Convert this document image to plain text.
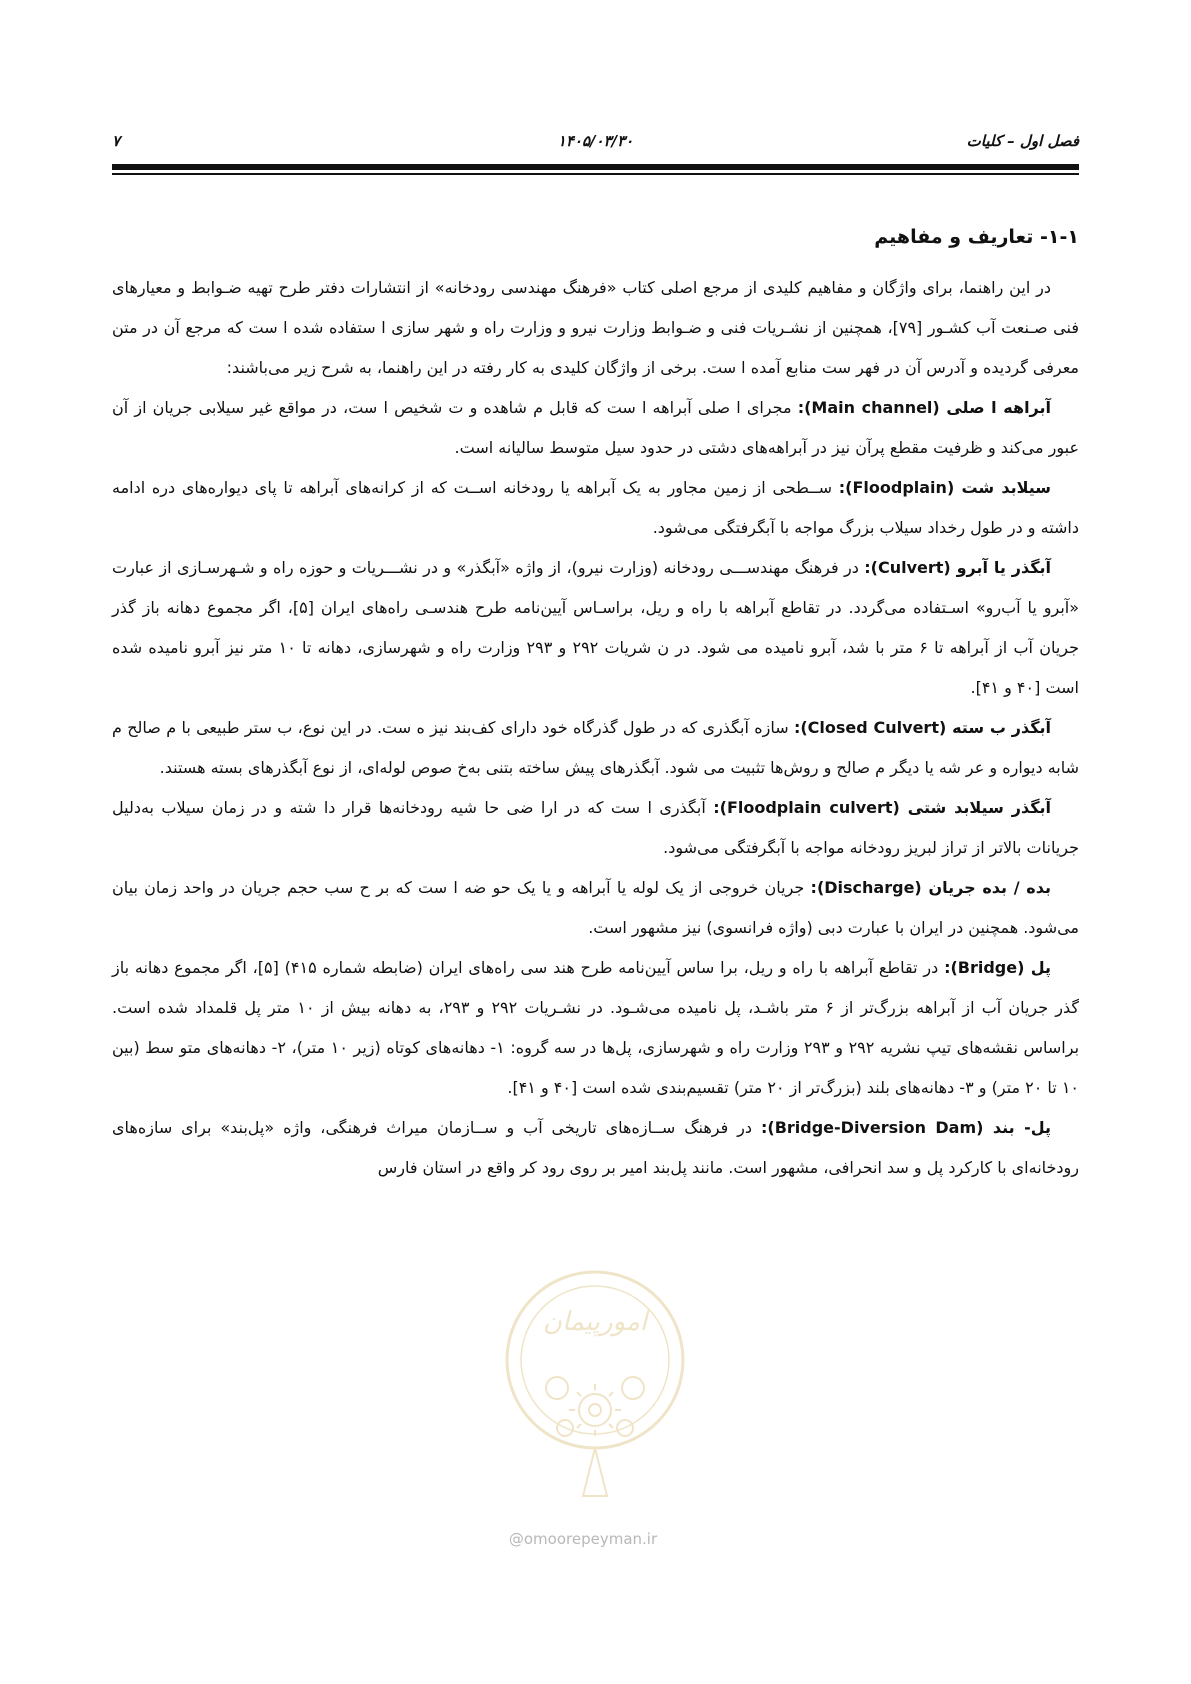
فصل اول – کلیات
۱۴۰۵/۰۳/۳۰
۷
۱-۱- تعاریف و مفاهیم

در این راهنما، برای واژگان و مفاهیم کلیدی از مرجع اصلی کتاب «فرهنگ مهندسی رودخانه» از انتشارات دفتر طرح تهیه ضـوابط و معیارهای فنی صـنعت آب کشـور [۷۹]، همچنین از نشـریات فنی و ضـوابط وزارت نیرو و وزارت راه و شهر سازی ا ستفاده شده ا ست که مرجع آن در متن معرفی گردیده و آدرس آن در فهر ست منابع آمده ا ست. برخی از واژگان کلیدی به کار رفته در این راهنما، به شرح زیر می‌باشند:

آبراهه ا صلی (Main channel): مجرای ا صلی آبراهه ا ست که قابل م شاهده و ت شخیص ا ست، در مواقع غیر سیلابی جریان از آن عبور می‌کند و ظرفیت مقطع پرآن نیز در آبراهه‌های دشتی در حدود سیل متوسط سالیانه است.

سیلابد شت (Floodplain): ســطحی از زمین مجاور به یک آبراهه یا رودخانه اســت که از کرانه‌های آبراهه تا پای دیواره‌های دره ادامه داشته و در طول رخداد سیلاب بزرگ مواجه با آبگرفتگی می‌شود.

آبگذر یا آبرو (Culvert): در فرهنگ مهندســـی رودخانه (وزارت نیرو)، از واژه «آبگذر» و در نشـــریات و حوزه راه و شـهرسـازی از عبارت «آبرو یا آب‌رو» اسـتفاده می‌گردد. در تقاطع آبراهه با راه و ریل، براسـاس آیین‌نامه طرح هندسـی راه‌های ایران [۵]، اگر مجموع دهانه باز گذر جریان آب از آبراهه تا ۶ متر با شد، آبرو نامیده می شود. در ن شریات ۲۹۲ و ۲۹۳ وزارت راه و شهرسازی، دهانه تا ۱۰ متر نیز آبرو نامیده شده است [۴۰ و ۴۱].

آبگذر ب سته (Closed Culvert): سازه آبگذری که در طول گذرگاه خود دارای کف‌بند نیز ه ست. در این نوع، ب ستر طبیعی با م صالح م شابه دیواره و عر شه یا دیگر م صالح و روش‌ها تثبیت می شود. آبگذرهای پیش ساخته بتنی به‌خ صوص لوله‌ای، از نوع آبگذرهای بسته هستند.

آبگذر سیلابد شتی (Floodplain culvert): آبگذری ا ست که در ارا ضی حا شیه رودخانه‌ها قرار دا شته و در زمان سیلاب به‌دلیل جریانات بالاتر از تراز لبریز رودخانه مواجه با آبگرفتگی می‌شود.

بده / بده جریان (Discharge): جریان خروجی از یک لوله یا آبراهه و یا یک حو ضه ا ست که بر ح سب حجم جریان در واحد زمان بیان می‌شود. همچنین در ایران با عبارت دبی (واژه فرانسوی) نیز مشهور است.

پل (Bridge): در تقاطع آبراهه با راه و ریل، برا ساس آیین‌نامه طرح هند سی راه‌های ایران (ضابطه شماره ۴۱۵) [۵]، اگر مجموع دهانه باز گذر جریان آب از آبراهه بزرگ‌تر از ۶ متر باشـد، پل نامیده می‌شـود. در نشـریات ۲۹۲ و ۲۹۳، به دهانه بیش از ۱۰ متر پل قلمداد شده است. براساس نقشه‌های تیپ نشریه ۲۹۲ و ۲۹۳ وزارت راه و شهرسازی، پل‌ها در سه گروه: ۱- دهانه‌های کوتاه (زیر ۱۰ متر)، ۲- دهانه‌های متو سط (بین ۱۰ تا ۲۰ متر) و ۳- دهانه‌های بلند (بزرگ‌تر از ۲۰ متر) تقسیم‌بندی شده است [۴۰ و ۴۱].

پل- بند (Bridge-Diversion Dam): در فرهنگ ســازه‌های تاریخی آب و ســازمان میراث فرهنگی، واژه «پل‌بند» برای سازه‌های رودخانه‌ای با کارکرد پل و سد انحرافی، مشهور است. مانند پل‌بند امیر بر روی رود کر واقع در استان فارس

امورپیمان
@omoorepeyman.ir
